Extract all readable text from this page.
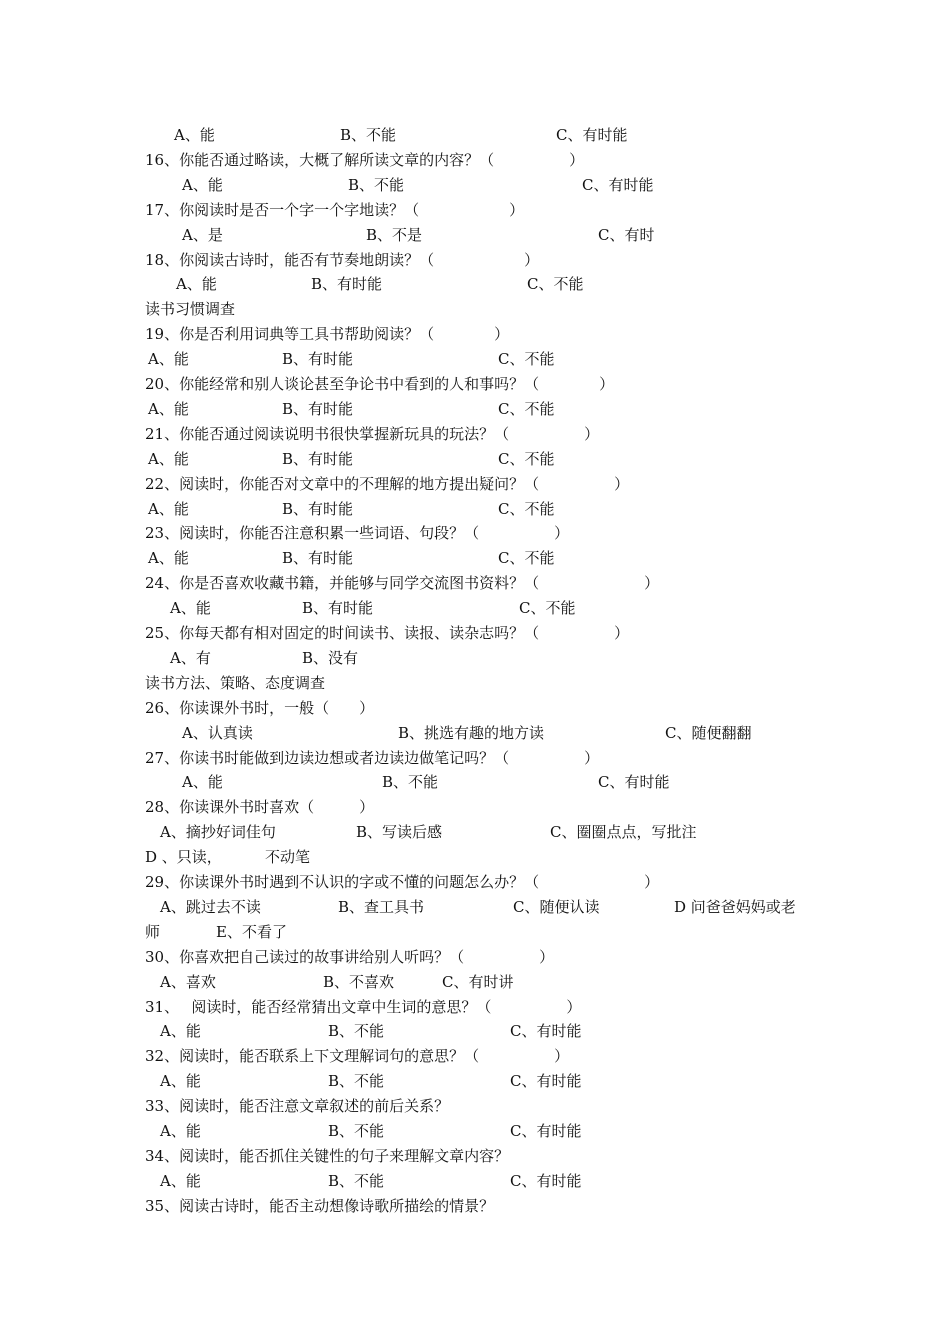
A、能	B、不能	C、有时能
16、你能否通过略读，大概了解所读文章的内容？（　　　　　）
A、能	B、不能	C、有时能
17、你阅读时是否一个字一个字地读？（　　　　　　）
A、是	B、不是	C、有时
18、你阅读古诗时，能否有节奏地朗读？（　　　　　　）
A、能	B、有时能	C、不能
读书习惯调查
19、你是否利用词典等工具书帮助阅读？（　　　　）
A、能	B、有时能	C、不能
20、你能经常和别人谈论甚至争论书中看到的人和事吗？（　　　　）
A、能	B、有时能	C、不能
21、你能否通过阅读说明书很快掌握新玩具的玩法？（　　　　　）
A、能	B、有时能	C、不能
22、阅读时，你能否对文章中的不理解的地方提出疑问？（　　　　　）
A、能	B、有时能	C、不能
23、阅读时，你能否注意积累一些词语、句段？（　　　　　）
A、能	B、有时能	C、不能
24、你是否喜欢收藏书籍，并能够与同学交流图书资料？（　　　　　　　）
A、能	B、有时能	C、不能
25、你每天都有相对固定的时间读书、读报、读杂志吗？（　　　　　）
A、有	B、没有
读书方法、策略、态度调查
26、你读课外书时，一般（　　）
A、认真读	B、挑选有趣的地方读	C、随便翻翻
27、你读书时能做到边读边想或者边读边做笔记吗？（　　　　　）
A、能	B、不能	C、有时能
28、你读课外书时喜欢（　　　）
A、摘抄好词佳句	B、写读后感	C、圈圈点点，写批注
D 、只读，	不动笔
29、你读课外书时遇到不认识的字或不懂的问题怎么办？（　　　　　　　）
A、跳过去不读	B、查工具书	C、随便认读	D 问爸爸妈妈或老
师	E、不看了
30、你喜欢把自己读过的故事讲给别人听吗？（　　　　　）
A、喜欢	B、不喜欢	C、有时讲
31、　 阅读时，能否经常猜出文章中生词的意思？（　　　　　）
A、能	B、不能	C、有时能
32、阅读时，能否联系上下文理解词句的意思？（　　　　　）
A、能	B、不能	C、有时能
33、阅读时，能否注意文章叙述的前后关系？
A、能	B、不能	C、有时能
34、阅读时，能否抓住关键性的句子来理解文章内容？
A、能	B、不能	C、有时能
35、阅读古诗时，能否主动想像诗歌所描绘的情景？
